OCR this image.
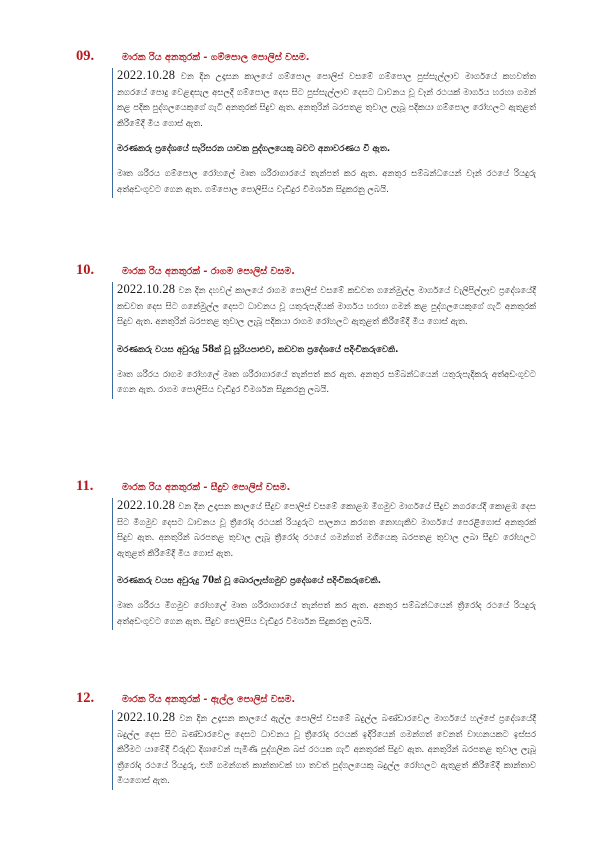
09.	මාරක රිය අනතුරක් - ගම්පොල පොලිස් වසම.

2022.10.28 වන දින උදෑසන කාලයේ ගම්පොල පොලිස් වසමේ ගම්පොල පුස්සැල්ලාව මාර්ගයේ කහවත්ත නගරයේ පොදු වෙළඳසැල අසලදී ගම්පොල දෙස සිට පුස්සැල්ලාව දෙසට ධාවනය වූ වෑන් රථයක් මාර්ගය හරහා ගමන් කළ පදික පුද්ගලයෙකුගේ ගැටී අනතුරක් සිදුව ඇත. අනතුරින් බරපතළ තුවාල ලැබූ පදිකයා ගම්පොල රෝහලට ඇතුළත් කිරීමේදී මිය ගොස් ඇත.

මරණකරු ප්‍රදේශයේ සැරිසරන යාචක පුද්ගලයෙකු බවට අනාවරණය වී ඇත.

මෘත ශරීරය ගම්පොල රෝහලේ මෘත ශරීරාගාරයේ තැන්පත් කර ඇත. අනතුර සම්බන්ධයෙන් වෑන් රථයේ රියදුරු අත්අඩංගුවට ගෙන ඇත. ගම්පොල පොලිසිය වැඩිදුර විමර්ශන සිදුකරනු ලබයි.

10.	මාරක රිය අනතුරක් - රාගම පොලිස් වසම.

2022.10.28 වන දින දහවල් කාලයේ රාගම පොලිස් වසමේ කඩවත ගනේමුල්ල මාර්ගයේ වැලිපිල්ලෑව ප්‍රදේශයේදී කඩවත දෙස සිට ගනේමුල්ල දෙසට ධාවනය වූ යතුරුපැදියක් මාර්ගය හරහා ගමන් කළ පුද්ගලයෙකුගේ ගැටී අනතුරක් සිදුව ඇත. අනතුරින් බරපතළ තුවාල ලැබූ පදිකයා රාගම රෝහලට ඇතුළත් කිරීමේදී මිය ගොස් ඇත.

මරණකරු වයස අවුරුදු 58ක් වූ සූරියපාළුව, කඩවත ප්‍රදේශයේ පදිංචිකරුවෙකි.

මෘත ශරීරය රාගම රෝහලේ මෘත ශරීරාගාරයේ තැන්පත් කර ඇත. අනතුර සම්බන්ධයෙන් යතුරුපැදිකරු අත්අඩංගුවට ගෙන ඇත. රාගම පොලිසිය වැඩිදුර විමර්ශන සිදුකරනු ලබයි.

11.	මාරක රිය අනතුරක් - සීදුව පොලිස් වසම.

2022.10.28 වන දින උදෑසන කාලයේ සීදුව පොලිස් වසමේ කොළඹ මීගමුව මාර්ගයේ සීදුව නගරයේදී කොළඹ දෙස සිට මීගමුව දෙසට ධාවනය වූ ත්‍රීරෝද රථයක් රියදුරුට පාලනය කරගත නොහැකිව මාර්ගයේ පෙරළීගොස් අනතුරක් සිදුව ඇත. අනතුරින් බරපතළ තුවාල ලැබූ ත්‍රීරෝද රථයේ ගමන්ගත් මගියෙකු බරපතළ තුවාල ලබා සීදුව රෝහලට ඇතුළත් කිරීමේදී මිය ගොස් ඇත.

මරණකරු වයස අවුරුදු 70ක් වූ බොරලැස්ගමුව ප්‍රදේශයේ පදිංචිකරුවෙකි.

මෘත ශරීරය මීගමුව රෝහලේ මෘත ශරීරාගාරයේ තැන්පත් කර ඇත. අනතුර සම්බන්ධයෙන් ත්‍රීරෝද රථයේ රියදුරු අත්අඩංගුවට ගෙන ඇත. සීදුව පොලිසිය වැඩිදුර විමර්ශන සිදුකරනු ලබයි.

12.	මාරක රිය අනතුරක් - ඇල්ල පොලිස් වසම.

2022.10.28 වන දින උදෑසන කාලයේ ඇල්ල පොලිස් වසමේ බදුල්ල බණ්ඩාරවෙල මාර්ගයේ හල්පේ ප්‍රදේශයේදී බදුල්ල දෙස සිට බණ්ඩාරවෙල දෙසට ධාවනය වූ ත්‍රීරෝද රථයක් ඉදිරියෙන් ගමන්ගත් වෙනත් වාහනයකට ඉස්සර කිරීමට යාමේදී විරුද්ධ දිශාවෙන් පැමිණි පුද්ගලික බස් රථයක ගැටී අනතුරක් සිදුව ඇත. අනතුරින් බරපතළ තුවාල ලැබූ ත්‍රීරෝද රථයේ රියදුරු, එහි ගමන්ගත් කාන්තාවක් හා තවත් පුද්ගලයෙකු බදුල්ල රෝහලට ඇතුළත් කිරීමේදී කාන්තාව මියගොස් ඇත.
